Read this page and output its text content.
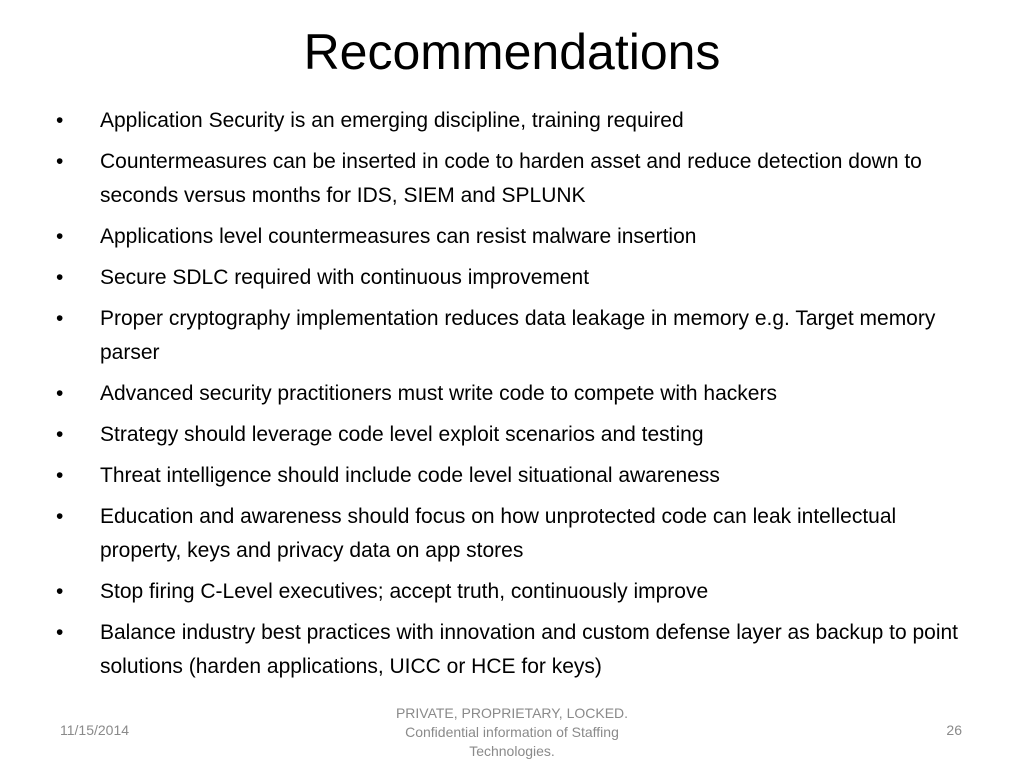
Recommendations
• Application Security is an emerging discipline, training required
• Countermeasures can be inserted in code to harden asset and reduce detection down to seconds versus months for IDS, SIEM and SPLUNK
• Applications level countermeasures can resist malware insertion
• Secure SDLC required with continuous improvement
• Proper cryptography implementation reduces data leakage in memory e.g. Target memory parser
• Advanced security practitioners must write code to compete with hackers
• Strategy should leverage code level exploit scenarios and testing
• Threat intelligence should include code level situational awareness
• Education and awareness should focus on how unprotected code can leak intellectual property, keys and privacy data on app stores
• Stop firing C-Level executives; accept truth, continuously improve
• Balance industry best practices with innovation and custom defense layer as backup to point solutions (harden applications, UICC or HCE for keys)
11/15/2014
PRIVATE, PROPRIETARY, LOCKED. Confidential information of Staffing Technologies.
26
